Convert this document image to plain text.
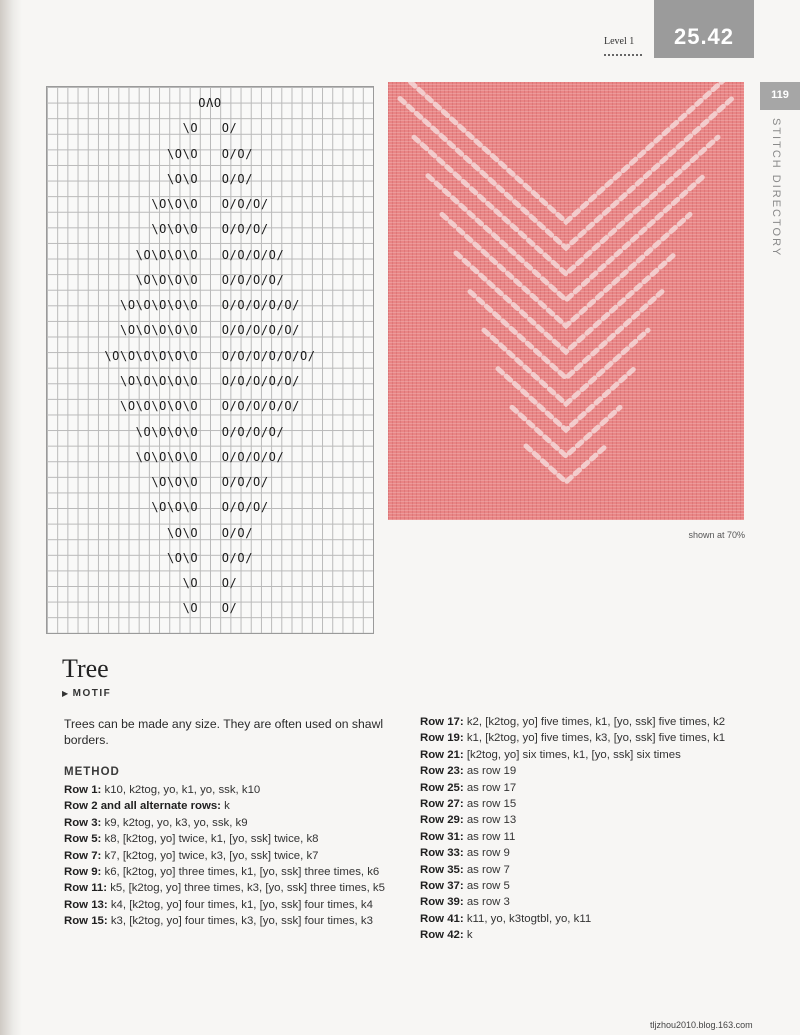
Level 1	25.42
119
STITCH DIRECTORY
OΛO
\O   O/
\O\O   O/O/
\O\O   O/O/
\O\O\O   O/O/O/
\O\O\O   O/O/O/
\O\O\O\O   O/O/O/O/
\O\O\O\O   O/O/O/O/
\O\O\O\O\O   O/O/O/O/O/
\O\O\O\O\O   O/O/O/O/O/
\O\O\O\O\O\O   O/O/O/O/O/O/
\O\O\O\O\O   O/O/O/O/O/
\O\O\O\O\O   O/O/O/O/O/
\O\O\O\O   O/O/O/O/
\O\O\O\O   O/O/O/O/
\O\O\O   O/O/O/
\O\O\O   O/O/O/
\O\O   O/O/
\O\O   O/O/
\O   O/
\O   O/
shown at 70%
Tree
▶ MOTIF
Trees can be made any size. They are often used on shawl borders.
METHOD

Row 1: k10, k2tog, yo, k1, yo, ssk, k10

Row 2 and all alternate rows: k

Row 3: k9, k2tog, yo, k3, yo, ssk, k9

Row 5: k8, [k2tog, yo] twice, k1, [yo, ssk] twice, k8

Row 7: k7, [k2tog, yo] twice, k3, [yo, ssk] twice, k7

Row 9: k6, [k2tog, yo] three times, k1, [yo, ssk] three times, k6

Row 11: k5, [k2tog, yo] three times, k3, [yo, ssk] three times, k5

Row 13: k4, [k2tog, yo] four times, k1, [yo, ssk] four times, k4

Row 15: k3, [k2tog, yo] four times, k3, [yo, ssk] four times, k3

Row 17: k2, [k2tog, yo] five times, k1, [yo, ssk] five times, k2

Row 19: k1, [k2tog, yo] five times, k3, [yo, ssk] five times, k1

Row 21: [k2tog, yo] six times, k1, [yo, ssk] six times

Row 23: as row 19

Row 25: as row 17

Row 27: as row 15

Row 29: as row 13

Row 31: as row 11

Row 33: as row 9

Row 35: as row 7

Row 37: as row 5

Row 39: as row 3

Row 41: k11, yo, k3togtbl, yo, k11

Row 42: k

tljzhou2010.blog.163.com
